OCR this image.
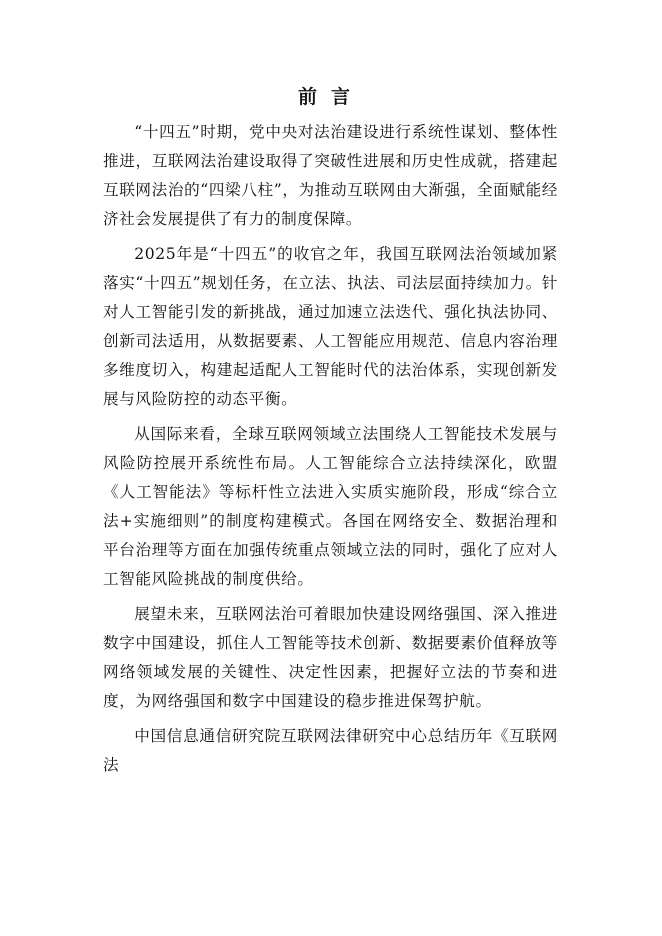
前言

“十四五”时期，党中央对法治建设进行系统性谋划、整体性推进，互联网法治建设取得了突破性进展和历史性成就，搭建起互联网法治的“四梁八柱”，为推动互联网由大渐强，全面赋能经济社会发展提供了有力的制度保障。

2025年是“十四五”的收官之年，我国互联网法治领域加紧落实“十四五”规划任务，在立法、执法、司法层面持续加力。针对人工智能引发的新挑战，通过加速立法迭代、强化执法协同、创新司法适用，从数据要素、人工智能应用规范、信息内容治理多维度切入，构建起适配人工智能时代的法治体系，实现创新发展与风险防控的动态平衡。

从国际来看，全球互联网领域立法围绕人工智能技术发展与风险防控展开系统性布局。人工智能综合立法持续深化，欧盟《人工智能法》等标杆性立法进入实质实施阶段，形成“综合立法+实施细则”的制度构建模式。各国在网络安全、数据治理和平台治理等方面在加强传统重点领域立法的同时，强化了应对人工智能风险挑战的制度供给。

展望未来，互联网法治可着眼加快建设网络强国、深入推进数字中国建设，抓住人工智能等技术创新、数据要素价值释放等网络领域发展的关键性、决定性因素，把握好立法的节奏和进度，为网络强国和数字中国建设的稳步推进保驾护航。

中国信息通信研究院互联网法律研究中心总结历年《互联网法
